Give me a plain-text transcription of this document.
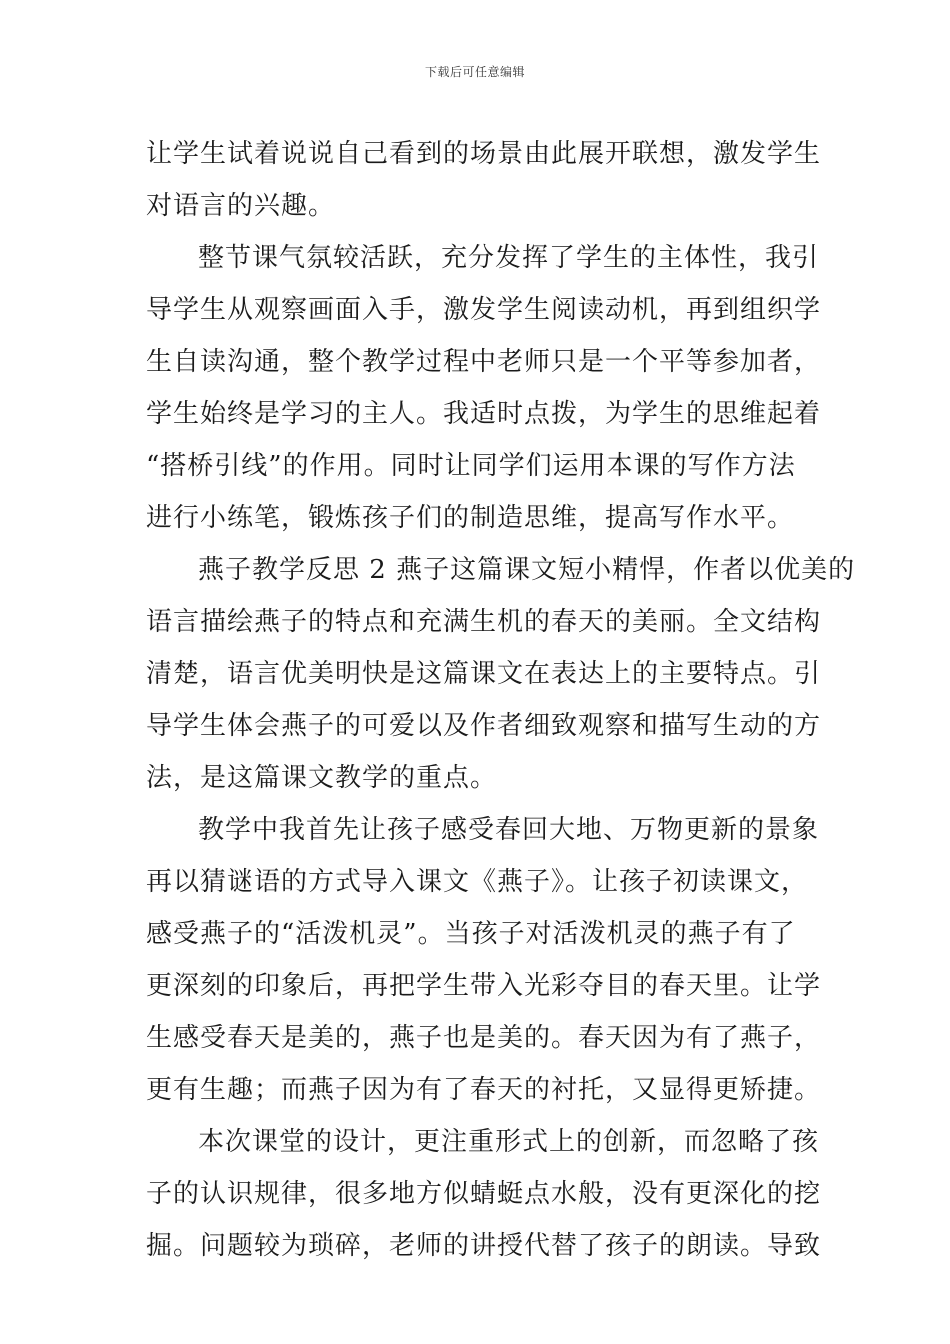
下载后可任意编辑
让学生试着说说自己看到的场景由此展开联想，激发学生
对语言的兴趣。
整节课气氛较活跃，充分发挥了学生的主体性，我引
导学生从观察画面入手，激发学生阅读动机，再到组织学
生自读沟通，整个教学过程中老师只是一个平等参加者，
学生始终是学习的主人。我适时点拨，为学生的思维起着
“搭桥引线”的作用。同时让同学们运用本课的写作方法
进行小练笔，锻炼孩子们的制造思维，提高写作水平。
燕子教学反思 2 燕子这篇课文短小精悍，作者以优美的
语言描绘燕子的特点和充满生机的春天的美丽。全文结构
清楚，语言优美明快是这篇课文在表达上的主要特点。引
导学生体会燕子的可爱以及作者细致观察和描写生动的方
法，是这篇课文教学的重点。
教学中我首先让孩子感受春回大地、万物更新的景象
再以猜谜语的方式导入课文《燕子》。让孩子初读课文，
感受燕子的“活泼机灵”。当孩子对活泼机灵的燕子有了
更深刻的印象后，再把学生带入光彩夺目的春天里。让学
生感受春天是美的，燕子也是美的。春天因为有了燕子，
更有生趣；而燕子因为有了春天的衬托，又显得更矫捷。
本次课堂的设计，更注重形式上的创新，而忽略了孩
子的认识规律，很多地方似蜻蜓点水般，没有更深化的挖
掘。问题较为琐碎，老师的讲授代替了孩子的朗读。导致
